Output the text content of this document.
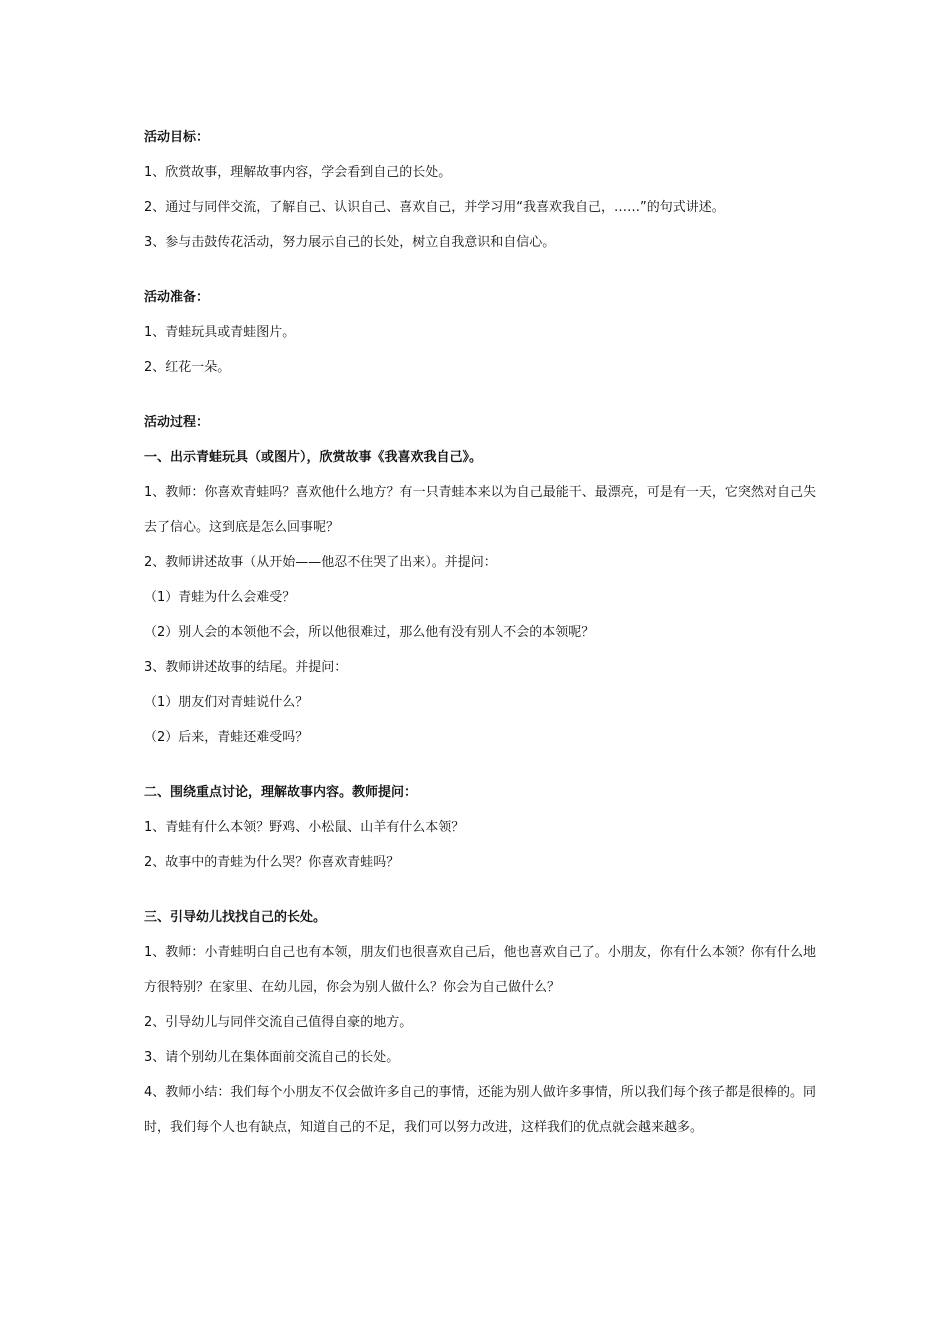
活动目标：
1、欣赏故事，理解故事内容，学会看到自己的长处。
2、通过与同伴交流，了解自己、认识自己、喜欢自己，并学习用“我喜欢我自己，……”的句式讲述。
3、参与击鼓传花活动，努力展示自己的长处，树立自我意识和自信心。
活动准备：
1、青蛙玩具或青蛙图片。
2、红花一朵。
活动过程：
一、出示青蛙玩具（或图片），欣赏故事《我喜欢我自己》。
1、教师：你喜欢青蛙吗？喜欢他什么地方？有一只青蛙本来以为自己最能干、最漂亮，可是有一天，它突然对自己失去了信心。这到底是怎么回事呢？
2、教师讲述故事（从开始——他忍不住哭了出来）。并提问：
（1）青蛙为什么会难受？
（2）别人会的本领他不会，所以他很难过，那么他有没有别人不会的本领呢？
3、教师讲述故事的结尾。并提问：
（1）朋友们对青蛙说什么？
（2）后来，青蛙还难受吗？
二、围绕重点讨论，理解故事内容。教师提问：
1、青蛙有什么本领？野鸡、小松鼠、山羊有什么本领？
2、故事中的青蛙为什么哭？你喜欢青蛙吗？
三、引导幼儿找找自己的长处。
1、教师：小青蛙明白自己也有本领，朋友们也很喜欢自己后，他也喜欢自己了。小朋友，你有什么本领？你有什么地方很特别？在家里、在幼儿园，你会为别人做什么？你会为自己做什么？
2、引导幼儿与同伴交流自己值得自豪的地方。
3、请个别幼儿在集体面前交流自己的长处。
4、教师小结：我们每个小朋友不仅会做许多自己的事情，还能为别人做许多事情，所以我们每个孩子都是很棒的。同时，我们每个人也有缺点，知道自己的不足，我们可以努力改进，这样我们的优点就会越来越多。
